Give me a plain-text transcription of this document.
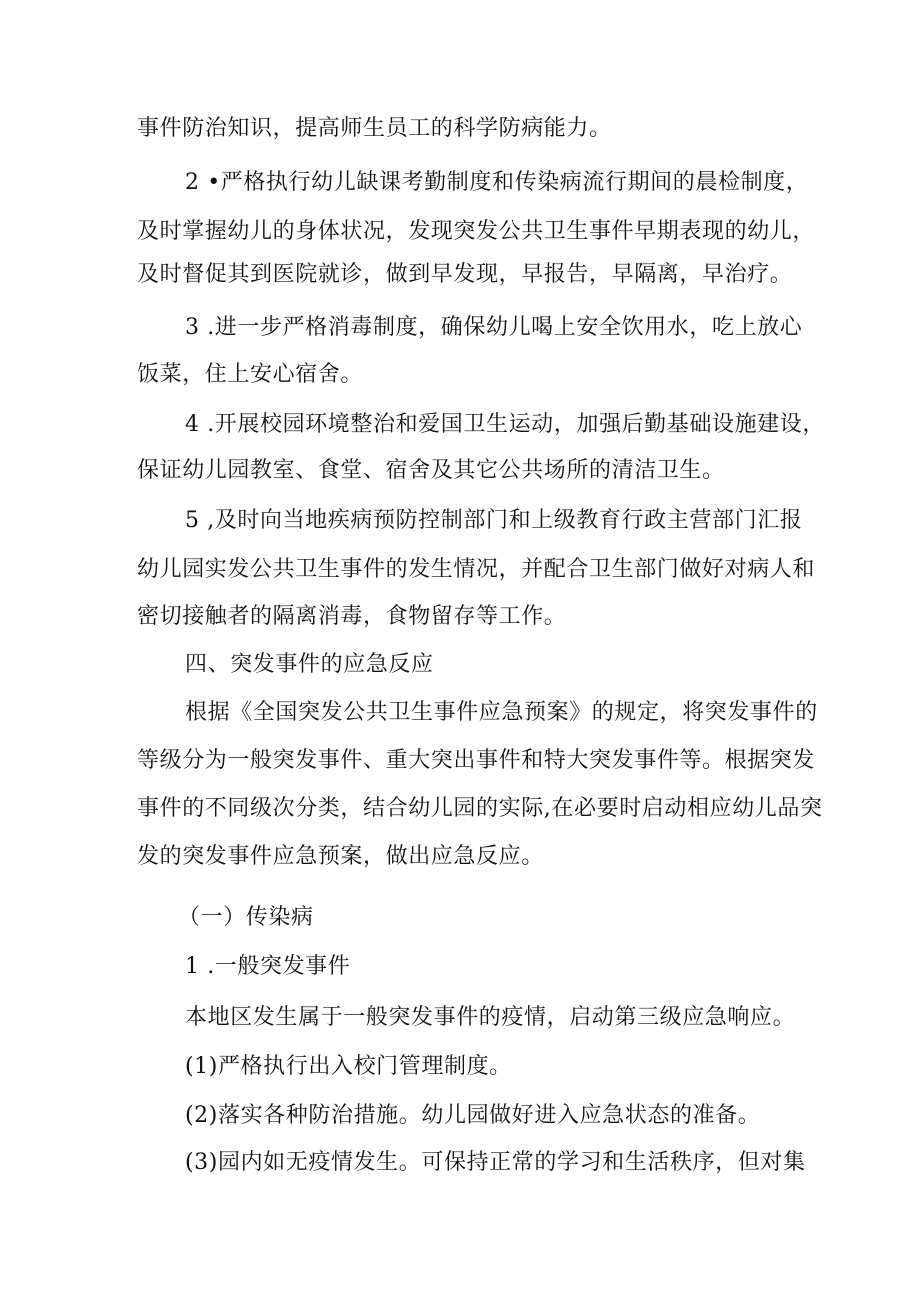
事件防治知识，提高师生员工的科学防病能力。
2 •严格执行幼儿缺课考勤制度和传染病流行期间的晨检制度，
及时掌握幼儿的身体状况，发现突发公共卫生事件早期表现的幼儿，
及时督促其到医院就诊，做到早发现，早报告，早隔离，早治疗。
3 .进一步严格消毒制度，确保幼儿喝上安全饮用水，吃上放心
饭菜，住上安心宿舍。
4 .开展校园环境整治和爱国卫生运动，加强后勤基础设施建设，
保证幼儿园教室、食堂、宿舍及其它公共场所的清洁卫生。
5 ,及时向当地疾病预防控制部门和上级教育行政主营部门汇报
幼儿园实发公共卫生事件的发生情况，并配合卫生部门做好对病人和
密切接触者的隔离消毒，食物留存等工作。
四、突发事件的应急反应
根据《全国突发公共卫生事件应急预案》的规定，将突发事件的
等级分为一般突发事件、重大突出事件和特大突发事件等。根据突发
事件的不同级次分类，结合幼儿园的实际,在必要时启动相应幼儿品突
发的突发事件应急预案，做出应急反应。
（一）传染病
1 .一般突发事件
本地区发生属于一般突发事件的疫情，启动第三级应急响应。
(1)严格执行出入校门管理制度。
(2)落实各种防治措施。幼儿园做好进入应急状态的准备。
(3)园内如无疫情发生。可保持正常的学习和生活秩序，但对集
